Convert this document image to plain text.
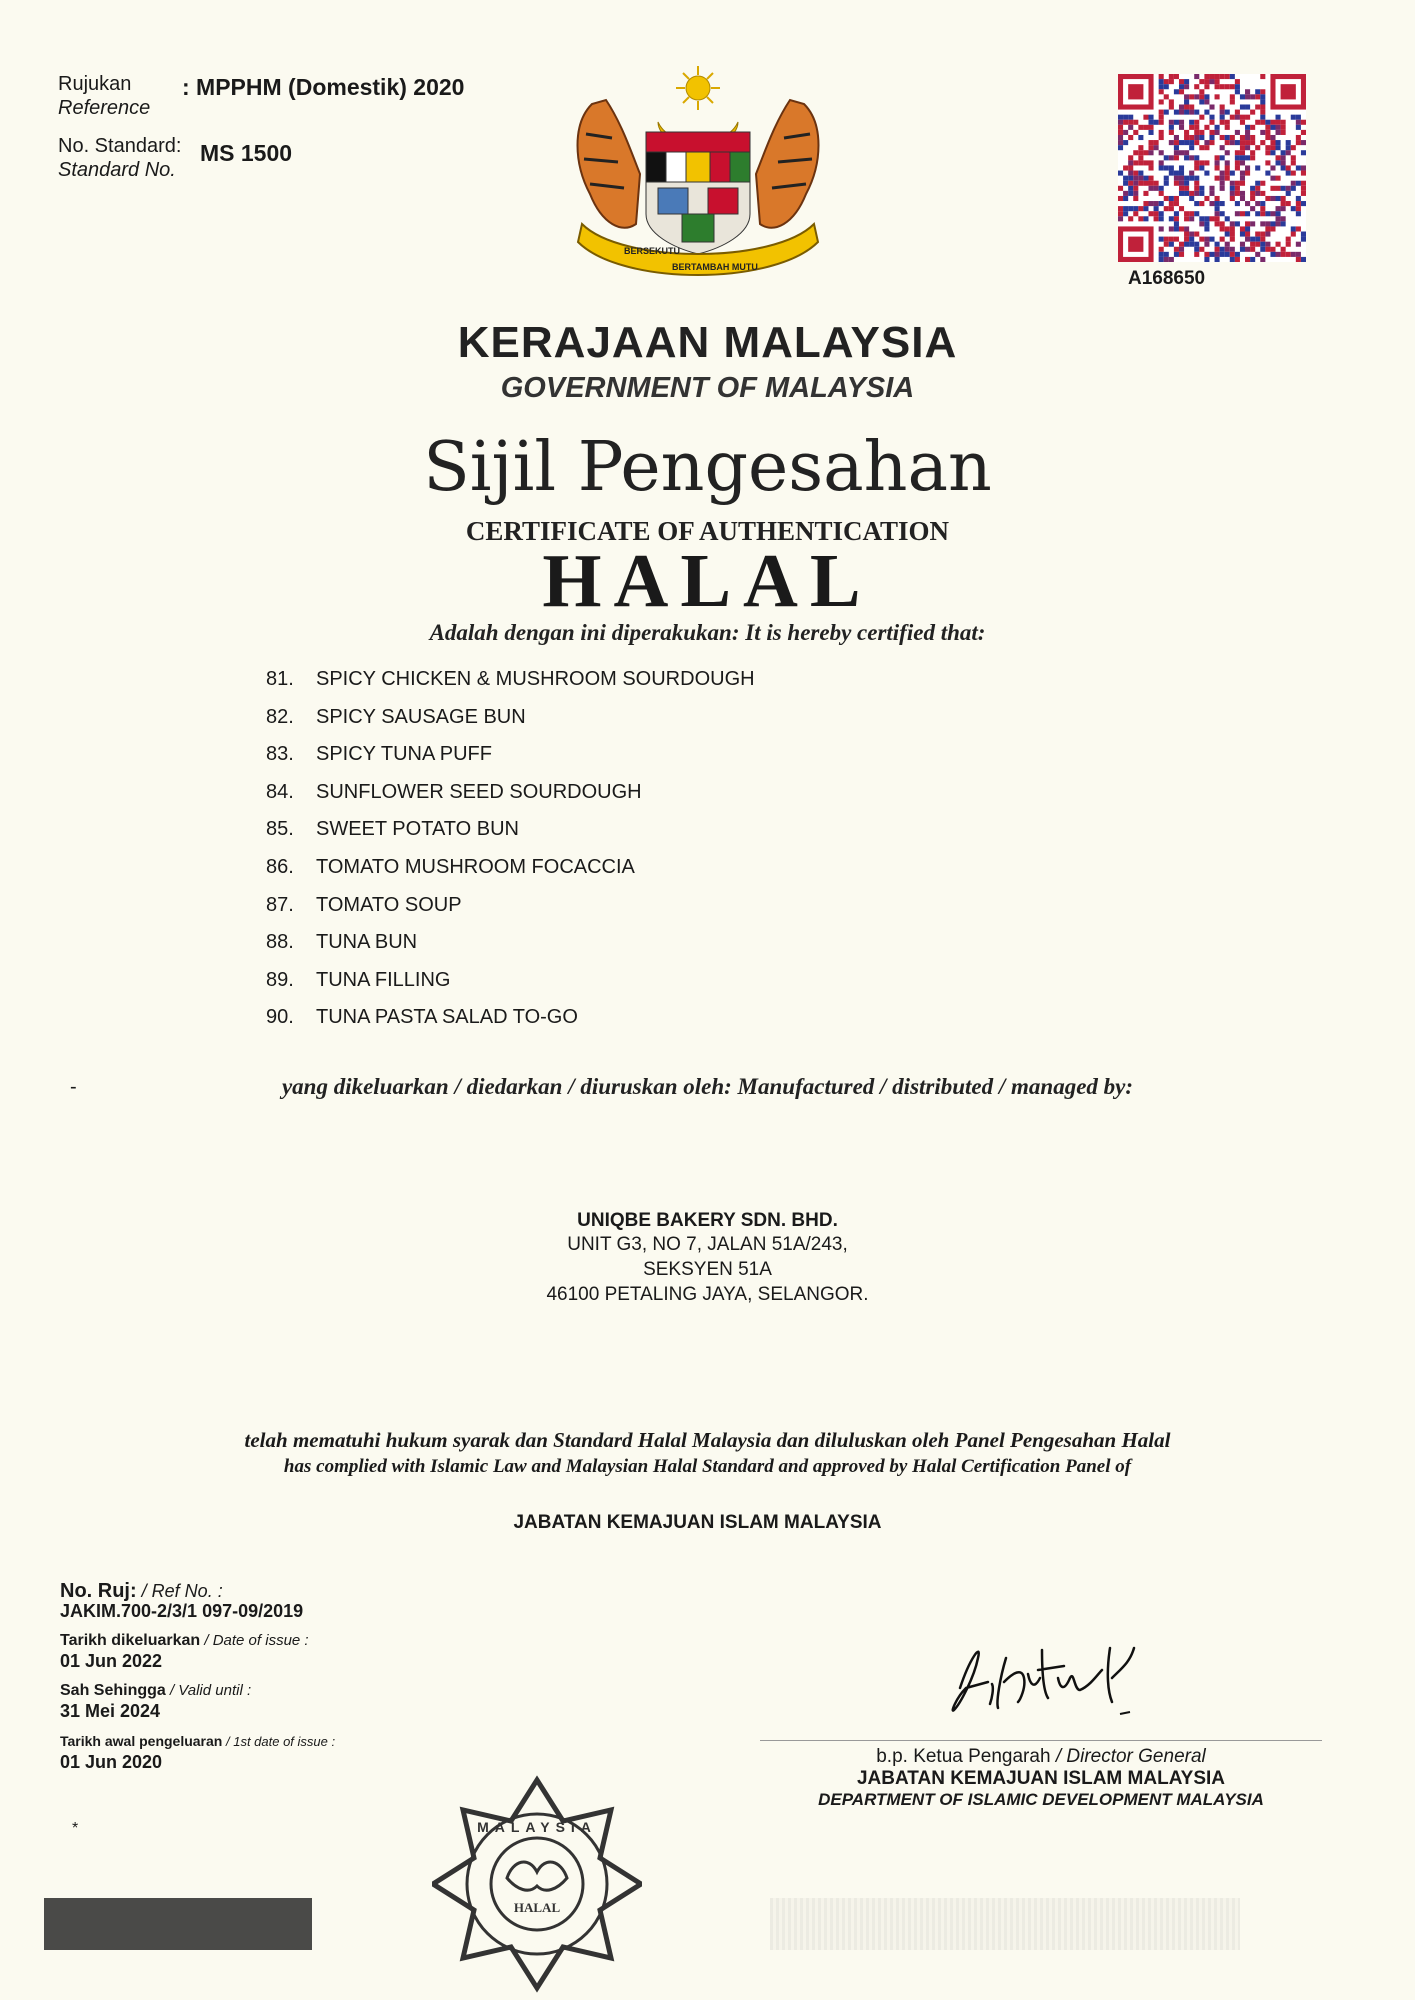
Rujukan
Reference
: MPPHM (Domestik) 2020
No. Standard:
Standard No.
MS 1500
BERSEKUTU
BERTAMBAH MUTU
A168650
KERAJAAN MALAYSIA
GOVERNMENT OF MALAYSIA
Sijil Pengesahan
CERTIFICATE OF AUTHENTICATION
HALAL
Adalah dengan ini diperakukan: It is hereby certified that:
81.	SPICY CHICKEN & MUSHROOM SOURDOUGH
82.	SPICY SAUSAGE BUN
83.	SPICY TUNA PUFF
84.	SUNFLOWER SEED SOURDOUGH
85.	SWEET POTATO BUN
86.	TOMATO MUSHROOM FOCACCIA
87.	TOMATO SOUP
88.	TUNA BUN
89.	TUNA FILLING
90.	TUNA PASTA SALAD TO-GO
-	yang dikeluarkan / diedarkan / diuruskan oleh: Manufactured / distributed / managed by:
UNIQBE BAKERY SDN. BHD.
UNIT G3, NO 7, JALAN 51A/243,
SEKSYEN 51A
46100 PETALING JAYA, SELANGOR.
telah mematuhi hukum syarak dan Standard Halal Malaysia dan diluluskan oleh Panel Pengesahan Halal
has complied with Islamic Law and Malaysian Halal Standard and approved by Halal Certification Panel of
JABATAN KEMAJUAN ISLAM MALAYSIA
No. Ruj: / Ref No. :
JAKIM.700-2/3/1 097-09/2019
Tarikh dikeluarkan / Date of issue :
01 Jun 2022
Sah Sehingga / Valid until :
31 Mei 2024
Tarikh awal pengeluaran / 1st date of issue :
01 Jun 2020
*
b.p. Ketua Pengarah / Director General
JABATAN KEMAJUAN ISLAM MALAYSIA
DEPARTMENT OF ISLAMIC DEVELOPMENT MALAYSIA
HALAL
MALAYSIA
